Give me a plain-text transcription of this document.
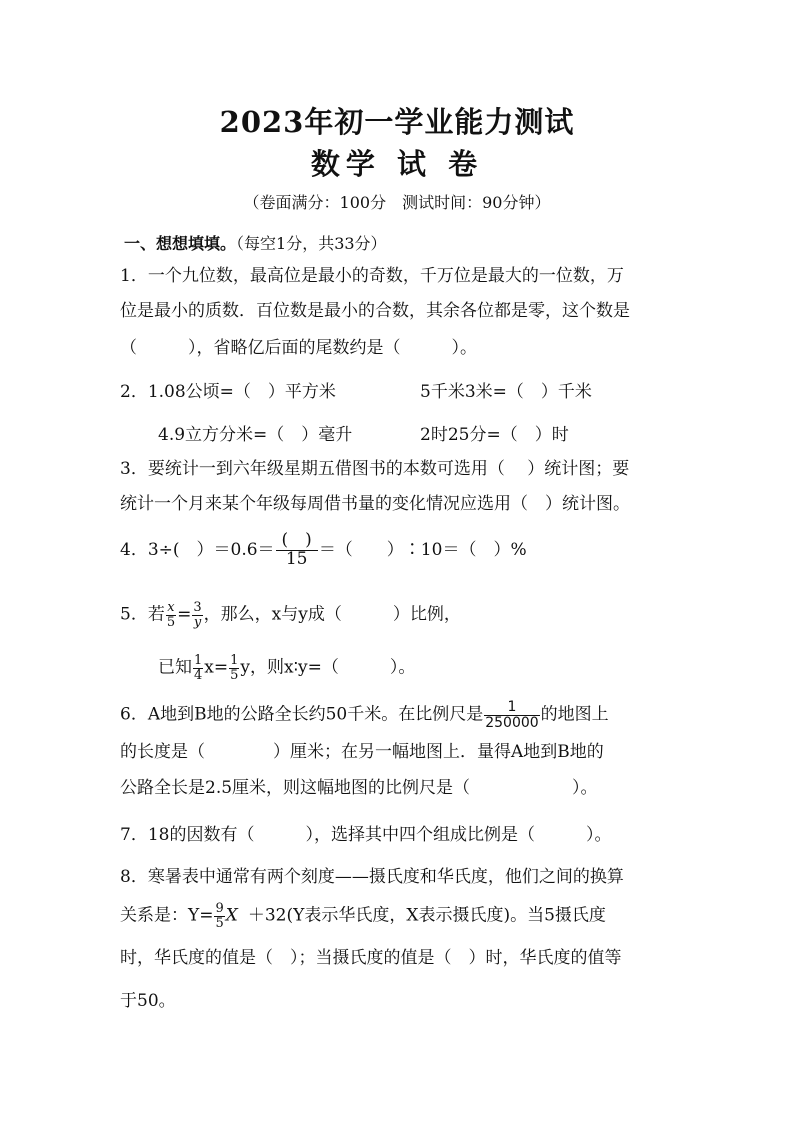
2023年初一学业能力测试
数学 试 卷
（卷面满分：100分　测试时间：90分钟）
一、想想填填。（每空1分，共33分）
1．一个九位数，最高位是最小的奇数，千万位是最大的一位数，万
位是最小的质数．百位数是最小的合数，其余各位都是零，这个数是
（　　　），省略亿后面的尾数约是（　　　）。
2．1.08公顷=（　）平方米	5千米3米=（　）千米
4.9立方分米=（　）毫升	2时25分=（　）时
3．要统计一到六年级星期五借图书的本数可选用（　 ）统计图；要
统计一个月来某个年级每周借书量的变化情况应选用（　）统计图。
4．3÷(　）$=0.6= \frac{( )}{15}$ ＝（　　）∶10＝（　）%
5．若 $\frac{x}{5} = \frac{3}{y}$ ，那么，x与y成（　　　）比例，
已知 $\frac{1}{4} x= \frac{1}{5}$ y，则x∶y=（　　　）。
6．A地到B地的公路全长约50千米。在比例尺是 $\frac{1}{250000}$ 的地图上
的长度是（　　　　）厘米；在另一幅地图上．量得A地到B地的
公路全长是2.5厘米，则这幅地图的比例尺是（　　　　　　）。
7．18的因数有（　　　），选择其中四个组成比例是（　　　）。
8．寒暑表中通常有两个刻度——摄氏度和华氏度，他们之间的换算
关系是：$Y= \frac{9}{5}$ X ＋32(Y表示华氏度，X表示摄氏度)。当5摄氏度
时，华氏度的值是（　）；当摄氏度的值是（　）时，华氏度的值等
于50。
